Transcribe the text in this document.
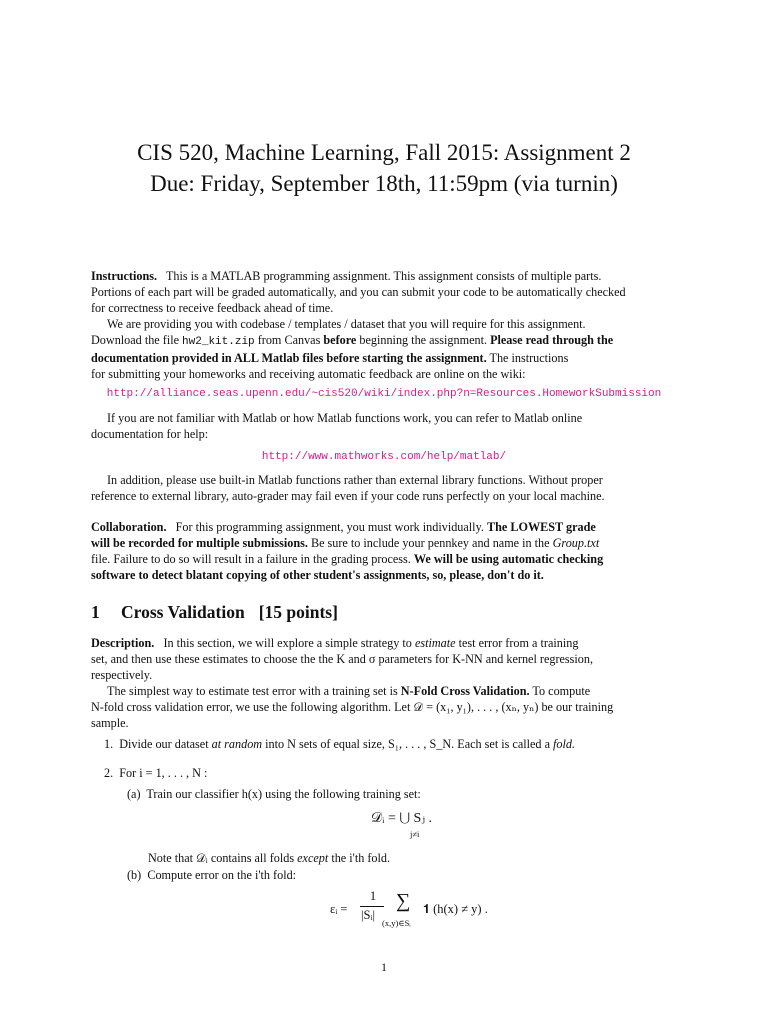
CIS 520, Machine Learning, Fall 2015: Assignment 2
Due: Friday, September 18th, 11:59pm (via turnin)
Instructions. This is a MATLAB programming assignment. This assignment consists of multiple parts.
Portions of each part will be graded automatically, and you can submit your code to be automatically checked
for correctness to receive feedback ahead of time.
We are providing you with codebase / templates / dataset that you will require for this assignment.
Download the file hw2_kit.zip from Canvas before beginning the assignment. Please read through the
documentation provided in ALL Matlab files before starting the assignment. The instructions
for submitting your homeworks and receiving automatic feedback are online on the wiki:
http://alliance.seas.upenn.edu/~cis520/wiki/index.php?n=Resources.HomeworkSubmission
If you are not familiar with Matlab or how Matlab functions work, you can refer to Matlab online
documentation for help:
http://www.mathworks.com/help/matlab/
In addition, please use built-in Matlab functions rather than external library functions. Without proper
reference to external library, auto-grader may fail even if your code runs perfectly on your local machine.
Collaboration. For this programming assignment, you must work individually. The LOWEST grade
will be recorded for multiple submissions. Be sure to include your pennkey and name in the Group.txt
file. Failure to do so will result in a failure in the grading process. We will be using automatic checking
software to detect blatant copying of other student's assignments, so, please, don't do it.
1 Cross Validation [15 points]
Description. In this section, we will explore a simple strategy to estimate test error from a training
set, and then use these estimates to choose the the K and σ parameters for K-NN and kernel regression,
respectively.
The simplest way to estimate test error with a training set is N-Fold Cross Validation. To compute
N-fold cross validation error, we use the following algorithm. Let 𝒟 = (x₁, y₁), . . . , (xₙ, yₙ) be our training
sample.
1. Divide our dataset at random into N sets of equal size, S₁, . . . , S_N. Each set is called a fold.
2. For i = 1, . . . , N :
(a) Train our classifier h(x) using the following training set:
𝒟ᵢ = ⋃ Sⱼ .
j≠i
Note that 𝒟ᵢ contains all folds except the i'th fold.
(b) Compute error on the i'th fold:
εᵢ =
1
|Sᵢ|
∑
(x,y)∈Sᵢ
𝟏 (h(x) ≠ y) .
1
